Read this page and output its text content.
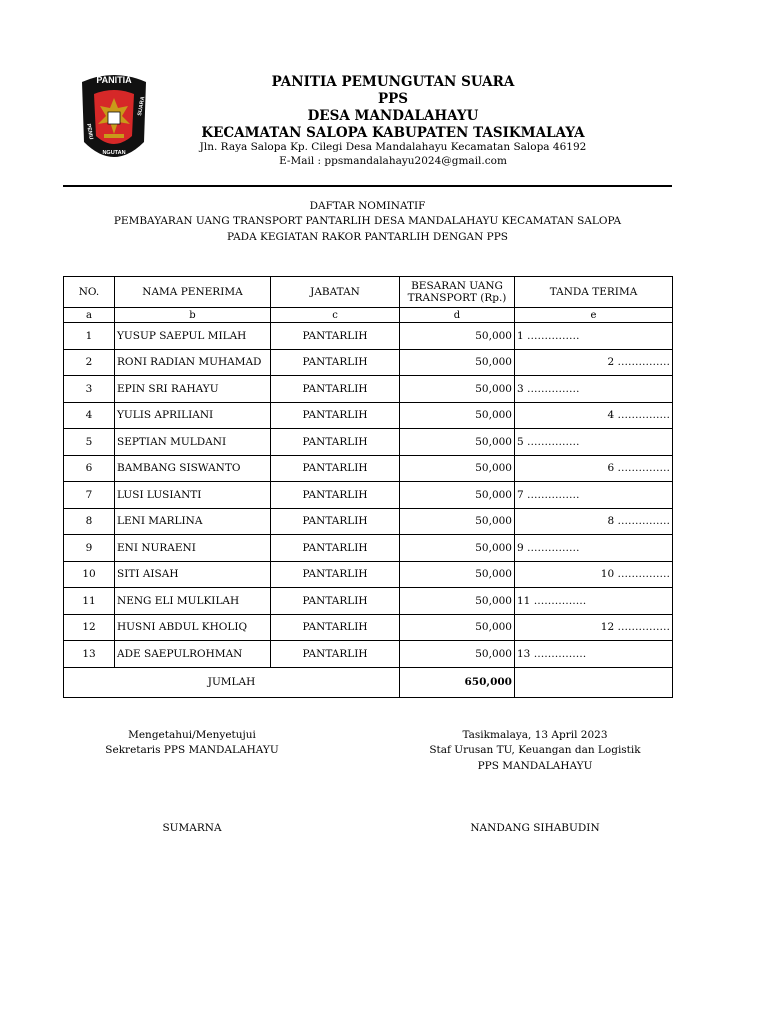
PANITIA
PEMU
NGUTAN
SUARA
PANITIA PEMUNGUTAN SUARA
PPS
DESA MANDALAHAYU
KECAMATAN SALOPA KABUPATEN TASIKMALAYA
Jln. Raya Salopa Kp. Cilegi Desa Mandalahayu Kecamatan Salopa 46192
E-Mail : ppsmandalahayu2024@gmail.com
DAFTAR NOMINATIF
PEMBAYARAN UANG TRANSPORT PANTARLIH DESA MANDALAHAYU KECAMATAN SALOPA
PADA KEGIATAN RAKOR PANTARLIH DENGAN PPS
NO.	NAMA PENERIMA	JABATAN	BESARAN UANG TRANSPORT (Rp.)	TANDA TERIMA
a	b	c	d	e
1	YUSUP SAEPUL MILAH	PANTARLIH	50,000	1 ……………
2	RONI RADIAN MUHAMAD	PANTARLIH	50,000	2 ……………
3	EPIN SRI RAHAYU	PANTARLIH	50,000	3 ……………
4	YULIS APRILIANI	PANTARLIH	50,000	4 ……………
5	SEPTIAN MULDANI	PANTARLIH	50,000	5 ……………
6	BAMBANG SISWANTO	PANTARLIH	50,000	6 ……………
7	LUSI LUSIANTI	PANTARLIH	50,000	7 ……………
8	LENI MARLINA	PANTARLIH	50,000	8 ……………
9	ENI NURAENI	PANTARLIH	50,000	9 ……………
10	SITI AISAH	PANTARLIH	50,000	10 ……………
11	NENG ELI MULKILAH	PANTARLIH	50,000	11 ……………
12	HUSNI ABDUL KHOLIQ	PANTARLIH	50,000	12 ……………
13	ADE SAEPULROHMAN	PANTARLIH	50,000	13 ……………
JUMLAH			650,000	
Mengetahui/Menyetujui
Sekretaris PPS MANDALAHAYU
SUMARNA
Tasikmalaya, 13 April 2023
Staf Urusan TU, Keuangan dan Logistik
PPS MANDALAHAYU
NANDANG SIHABUDIN
